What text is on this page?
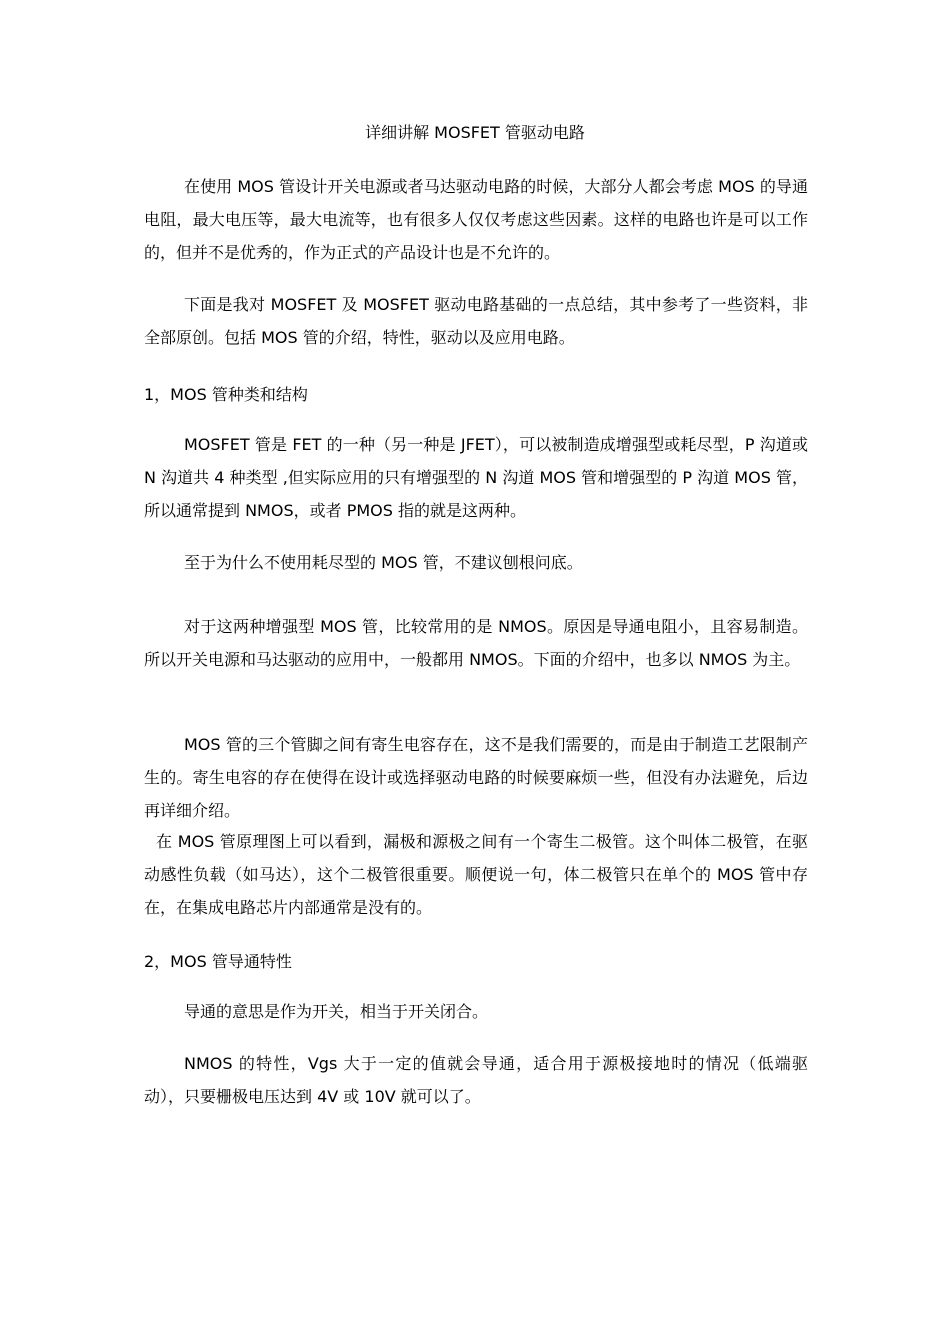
详细讲解 MOSFET 管驱动电路
在使用 MOS 管设计开关电源或者马达驱动电路的时候，大部分人都会考虑 MOS 的导通电阻，最大电压等，最大电流等，也有很多人仅仅考虑这些因素。这样的电路也许是可以工作的，但并不是优秀的，作为正式的产品设计也是不允许的。
下面是我对 MOSFET 及 MOSFET 驱动电路基础的一点总结，其中参考了一些资料，非全部原创。包括 MOS 管的介绍，特性，驱动以及应用电路。
1，MOS 管种类和结构
MOSFET 管是 FET 的一种（另一种是 JFET），可以被制造成增强型或耗尽型，P 沟道或 N 沟道共 4 种类型 ,但实际应用的只有增强型的 N 沟道 MOS 管和增强型的 P 沟道 MOS 管，所以通常提到 NMOS，或者 PMOS 指的就是这两种。
至于为什么不使用耗尽型的 MOS 管，不建议刨根问底。
对于这两种增强型 MOS 管，比较常用的是 NMOS。原因是导通电阻小，且容易制造。所以开关电源和马达驱动的应用中，一般都用 NMOS。下面的介绍中，也多以 NMOS 为主。
MOS 管的三个管脚之间有寄生电容存在，这不是我们需要的，而是由于制造工艺限制产生的。寄生电容的存在使得在设计或选择驱动电路的时候要麻烦一些，但没有办法避免，后边再详细介绍。
在 MOS 管原理图上可以看到，漏极和源极之间有一个寄生二极管。这个叫体二极管，在驱动感性负载（如马达），这个二极管很重要。顺便说一句，体二极管只在单个的 MOS 管中存在，在集成电路芯片内部通常是没有的。
2，MOS 管导通特性
导通的意思是作为开关，相当于开关闭合。
NMOS 的特性，Vgs 大于一定的值就会导通，适合用于源极接地时的情况（低端驱动），只要栅极电压达到 4V 或 10V 就可以了。
